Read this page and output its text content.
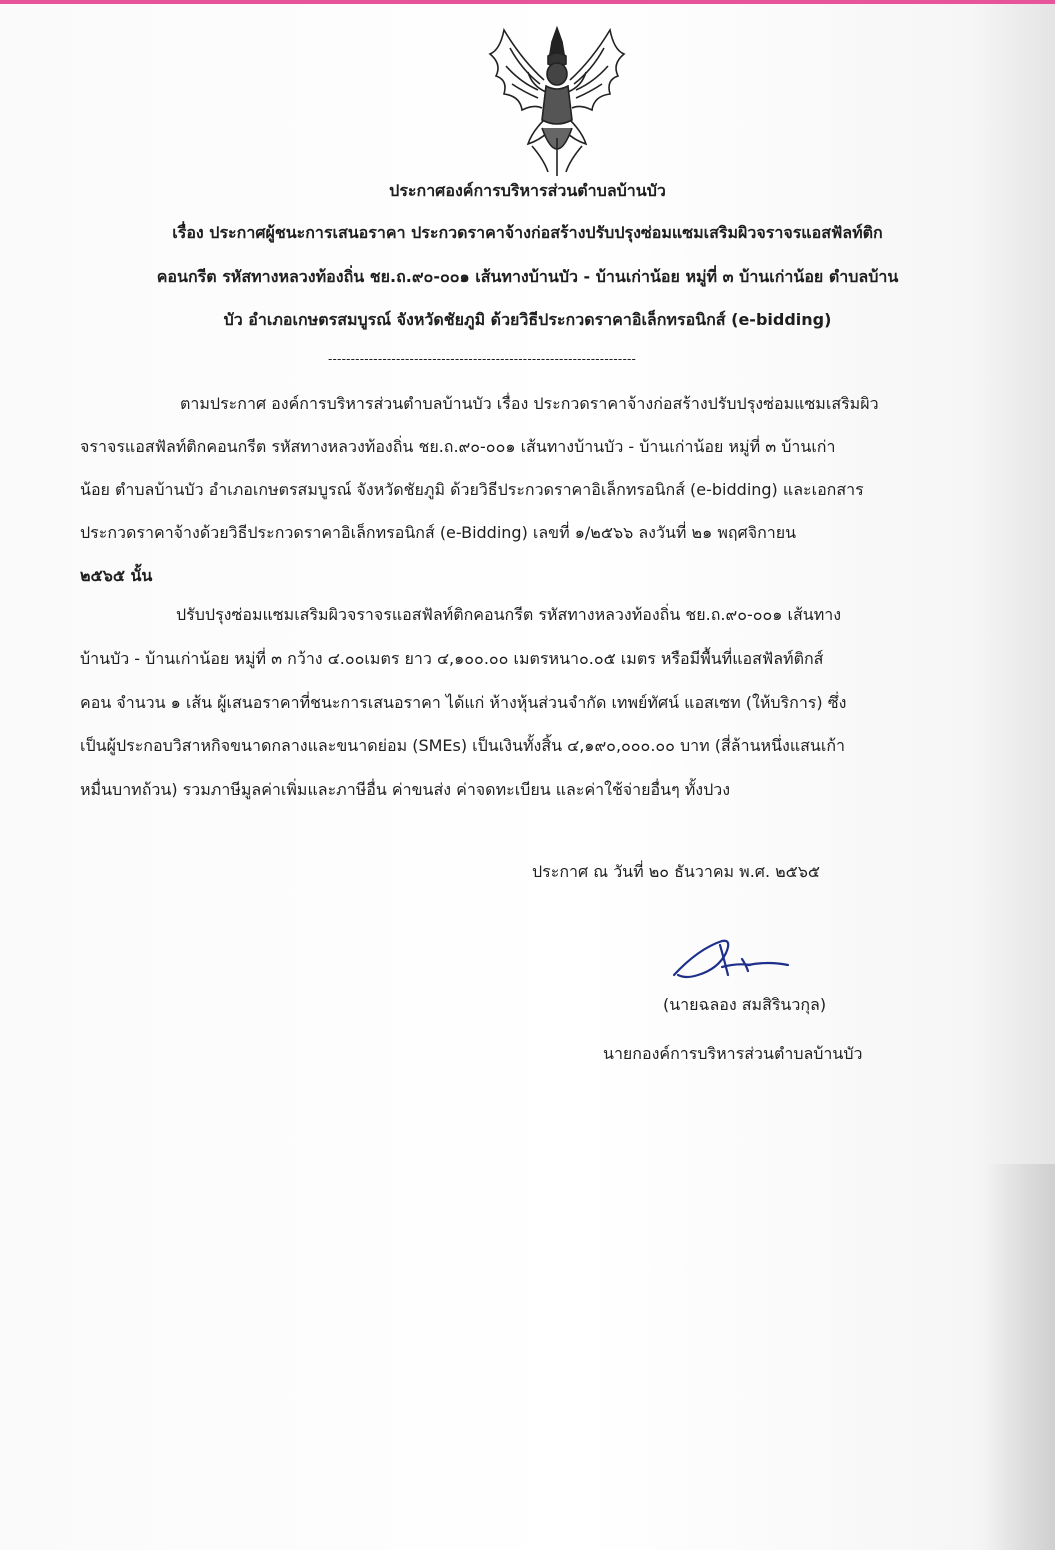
ประกาศองค์การบริหารส่วนตำบลบ้านบัว
เรื่อง ประกาศผู้ชนะการเสนอราคา ประกวดราคาจ้างก่อสร้างปรับปรุงซ่อมแซมเสริมผิวจราจรแอสฟัลท์ติก
คอนกรีต รหัสทางหลวงท้องถิ่น ชย.ถ.๙๐-๐๐๑ เส้นทางบ้านบัว - บ้านเก่าน้อย หมู่ที่ ๓ บ้านเก่าน้อย ตำบลบ้าน
บัว อำเภอเกษตรสมบูรณ์ จังหวัดชัยภูมิ ด้วยวิธีประกวดราคาอิเล็กทรอนิกส์ (e-bidding)
--------------------------------------------------------------------
ตามประกาศ องค์การบริหารส่วนตำบลบ้านบัว เรื่อง ประกวดราคาจ้างก่อสร้างปรับปรุงซ่อมแซมเสริมผิว
จราจรแอสฟัลท์ติกคอนกรีต รหัสทางหลวงท้องถิ่น ชย.ถ.๙๐-๐๐๑ เส้นทางบ้านบัว - บ้านเก่าน้อย หมู่ที่ ๓ บ้านเก่า
น้อย ตำบลบ้านบัว อำเภอเกษตรสมบูรณ์ จังหวัดชัยภูมิ ด้วยวิธีประกวดราคาอิเล็กทรอนิกส์ (e-bidding) และเอกสาร
ประกวดราคาจ้างด้วยวิธีประกวดราคาอิเล็กทรอนิกส์ (e-Bidding) เลขที่ ๑/๒๕๖๖ ลงวันที่ ๒๑ พฤศจิกายน
๒๕๖๕ นั้น
ปรับปรุงซ่อมแซมเสริมผิวจราจรแอสฟัลท์ติกคอนกรีต รหัสทางหลวงท้องถิ่น ชย.ถ.๙๐-๐๐๑ เส้นทาง
บ้านบัว - บ้านเก่าน้อย หมู่ที่ ๓ กว้าง ๔.๐๐เมตร ยาว ๔,๑๐๐.๐๐ เมตรหนา๐.๐๕ เมตร หรือมีพื้นที่แอสฟัลท์ติกส์
คอน จำนวน ๑ เส้น ผู้เสนอราคาที่ชนะการเสนอราคา ได้แก่ ห้างหุ้นส่วนจำกัด เทพย์ทัศน์ แอสเซท (ให้บริการ) ซึ่ง
เป็นผู้ประกอบวิสาหกิจขนาดกลางและขนาดย่อม (SMEs) เป็นเงินทั้งสิ้น ๔,๑๙๐,๐๐๐.๐๐ บาท (สี่ล้านหนึ่งแสนเก้า
หมื่นบาทถ้วน) รวมภาษีมูลค่าเพิ่มและภาษีอื่น ค่าขนส่ง ค่าจดทะเบียน และค่าใช้จ่ายอื่นๆ ทั้งปวง
ประกาศ ณ วันที่ ๒๐ ธันวาคม พ.ศ. ๒๕๖๕
(นายฉลอง สมสิรินวกุล)
นายกองค์การบริหารส่วนตำบลบ้านบัว
